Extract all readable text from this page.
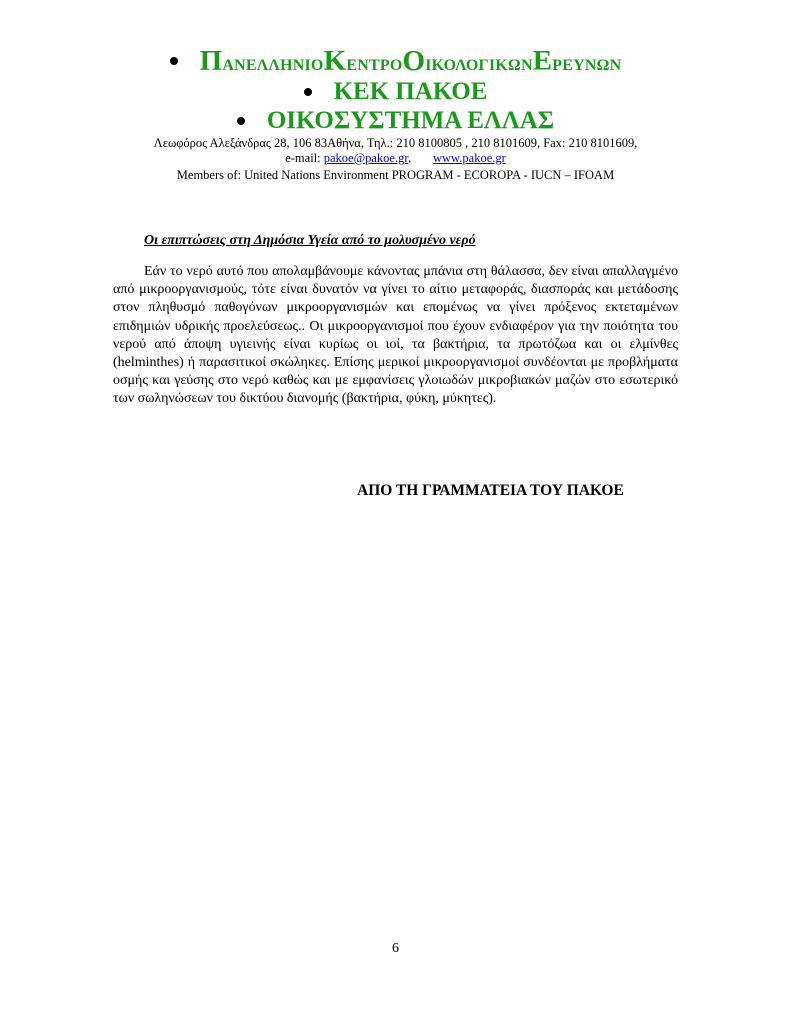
ΠΑΝΕΛΛΗΝΙΟΚΕΝΤΡΟΟΙΚΟΛΟΓΙΚΩΝΕΡΕΥΝΩΝ
ΚΕΚ ΠΑΚΟΕ
ΟΙΚΟΣΥΣΤΗΜΑ ΕΛΛΑΣ
Λεωφόρος Αλεξάνδρας 28, 106 83Αθήνα, Τηλ.: 210 8100805 , 210 8101609, Fax: 210 8101609,
e-mail: pakoe@pakoe.gr, www.pakoe.gr
Members of: United Nations Environment PROGRAM - ECOROPA - IUCN – IFOAM
Οι επιπτώσεις στη Δημόσια Υγεία από το μολυσμένο νερό
Εάν το νερό αυτό που απολαμβάνουμε κάνοντας μπάνια στη θάλασσα, δεν είναι απαλλαγμένο από μικροοργανισμούς, τότε είναι δυνατόν να γίνει το αίτιο μεταφοράς, διασποράς και μετάδοσης στον πληθυσμό παθογόνων μικροοργανισμών και επομένως να γίνει πρόξενος εκτεταμένων επιδημιών υδρικής προελεύσεως.. Οι μικροοργανισμοί που έχουν ενδιαφέρον για την ποιότητα του νερού από άποψη υγιεινής είναι κυρίως οι ιοί, τα βακτήρια, τα πρωτόζωα και οι ελμίνθες (helminthes) ή παρασιτικοί σκώληκες. Επίσης μερικοί μικροοργανισμοί συνδέονται με προβλήματα οσμής και γεύσης στο νερό καθώς και με εμφανίσεις γλοιωδών μικροβιακών μαζών στο εσωτερικό των σωληνώσεων του δικτύου διανομής (βακτήρια, φύκη, μύκητες).
ΑΠΟ ΤΗ ΓΡΑΜΜΑΤΕΙΑ ΤΟΥ ΠΑΚΟΕ
6
